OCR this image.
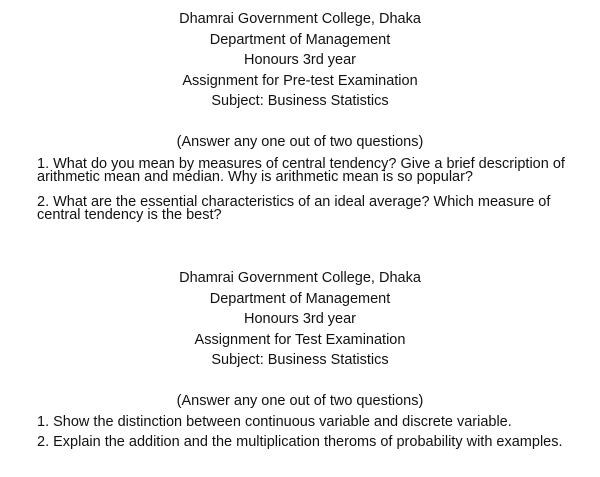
Dhamrai Government College, Dhaka
Department of Management
Honours 3rd year
Assignment for Pre-test Examination
Subject: Business Statistics
(Answer any one out of two questions)
1. What do you mean by measures of central tendency? Give a brief description of
arithmetic mean and median. Why is arithmetic mean is so popular?
2. What are the essential characteristics of an ideal average? Which measure of
central tendency is the best?
Dhamrai Government College, Dhaka
Department of Management
Honours 3rd year
Assignment for Test Examination
Subject: Business Statistics
(Answer any one out of two questions)
1. Show the distinction between continuous variable and discrete variable.
2. Explain the addition and the multiplication theroms of probability with examples.
